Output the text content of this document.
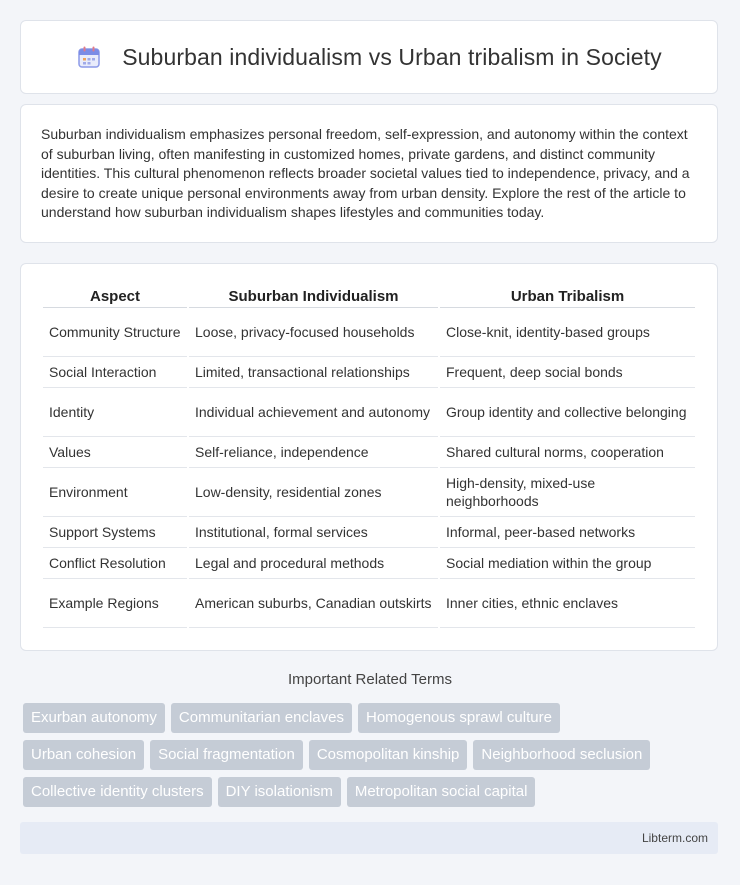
Suburban individualism vs Urban tribalism in Society

Suburban individualism emphasizes personal freedom, self-expression, and autonomy within the context of suburban living, often manifesting in customized homes, private gardens, and distinct community identities. This cultural phenomenon reflects broader societal values tied to independence, privacy, and a desire to create unique personal environments away from urban density. Explore the rest of the article to understand how suburban individualism shapes lifestyles and communities today.

Aspect	Suburban Individualism	Urban Tribalism
Community Structure	Loose, privacy-focused households	Close-knit, identity-based groups
Social Interaction	Limited, transactional relationships	Frequent, deep social bonds
Identity	Individual achievement and autonomy	Group identity and collective belonging
Values	Self-reliance, independence	Shared cultural norms, cooperation
Environment	Low-density, residential zones	High-density, mixed-use neighborhoods
Support Systems	Institutional, formal services	Informal, peer-based networks
Conflict Resolution	Legal and procedural methods	Social mediation within the group
Example Regions	American suburbs, Canadian outskirts	Inner cities, ethnic enclaves
Important Related Terms
Exurban autonomy	Communitarian enclaves	Homogenous sprawl culture
Urban cohesion	Social fragmentation	Cosmopolitan kinship	Neighborhood seclusion
Collective identity clusters	DIY isolationism	Metropolitan social capital
Libterm.com
